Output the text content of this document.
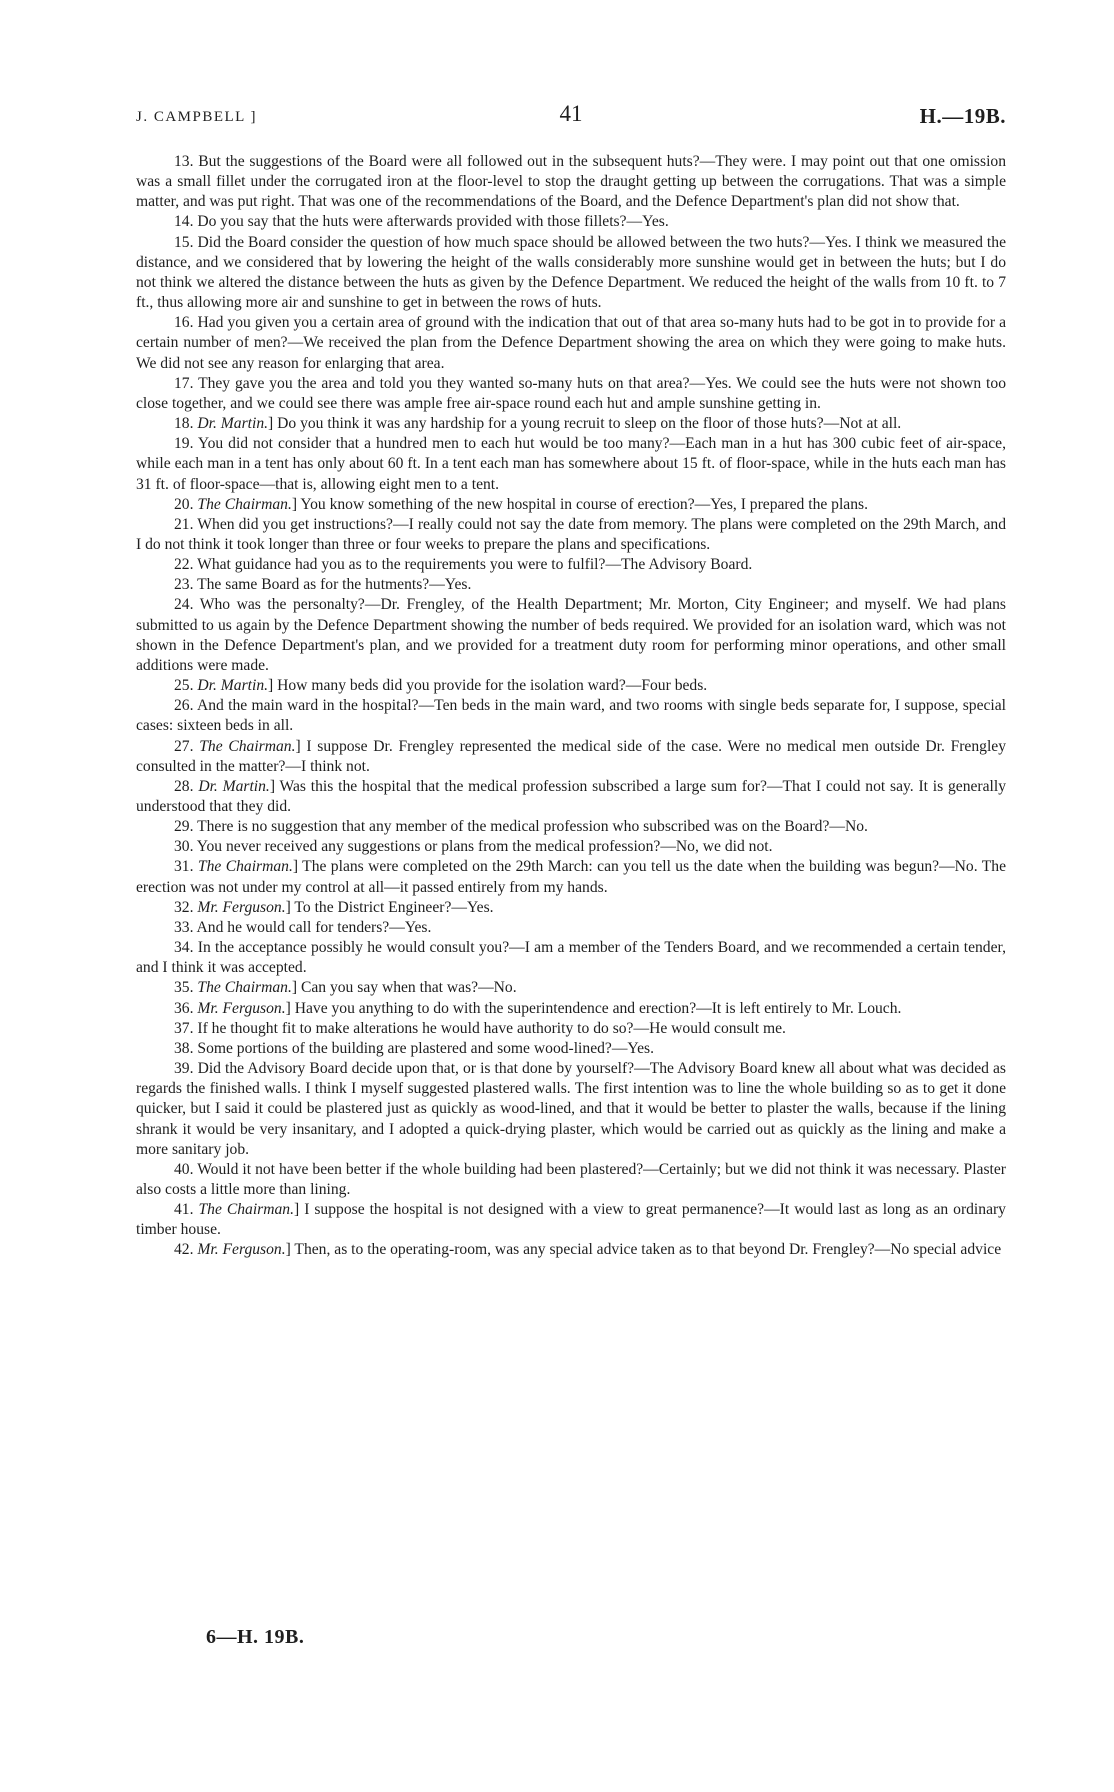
J. CAMPBELL ]	41	H.—19B.

13. But the suggestions of the Board were all followed out in the subsequent huts?—They were. I may point out that one omission was a small fillet under the corrugated iron at the floor-level to stop the draught getting up between the corrugations. That was a simple matter, and was put right. That was one of the recommendations of the Board, and the Defence Department's plan did not show that.

14. Do you say that the huts were afterwards provided with those fillets?—Yes.

15. Did the Board consider the question of how much space should be allowed between the two huts?—Yes. I think we measured the distance, and we considered that by lowering the height of the walls considerably more sunshine would get in between the huts; but I do not think we altered the distance between the huts as given by the Defence Department. We reduced the height of the walls from 10 ft. to 7 ft., thus allowing more air and sunshine to get in between the rows of huts.

16. Had you given you a certain area of ground with the indication that out of that area so-many huts had to be got in to provide for a certain number of men?—We received the plan from the Defence Department showing the area on which they were going to make huts. We did not see any reason for enlarging that area.

17. They gave you the area and told you they wanted so-many huts on that area?—Yes. We could see the huts were not shown too close together, and we could see there was ample free air-space round each hut and ample sunshine getting in.

18. Dr. Martin.] Do you think it was any hardship for a young recruit to sleep on the floor of those huts?—Not at all.

19. You did not consider that a hundred men to each hut would be too many?—Each man in a hut has 300 cubic feet of air-space, while each man in a tent has only about 60 ft. In a tent each man has somewhere about 15 ft. of floor-space, while in the huts each man has 31 ft. of floor-space—that is, allowing eight men to a tent.

20. The Chairman.] You know something of the new hospital in course of erection?—Yes, I prepared the plans.

21. When did you get instructions?—I really could not say the date from memory. The plans were completed on the 29th March, and I do not think it took longer than three or four weeks to prepare the plans and specifications.

22. What guidance had you as to the requirements you were to fulfil?—The Advisory Board.

23. The same Board as for the hutments?—Yes.

24. Who was the personalty?—Dr. Frengley, of the Health Department; Mr. Morton, City Engineer; and myself. We had plans submitted to us again by the Defence Department showing the number of beds required. We provided for an isolation ward, which was not shown in the Defence Department's plan, and we provided for a treatment duty room for performing minor operations, and other small additions were made.

25. Dr. Martin.] How many beds did you provide for the isolation ward?—Four beds.

26. And the main ward in the hospital?—Ten beds in the main ward, and two rooms with single beds separate for, I suppose, special cases: sixteen beds in all.

27. The Chairman.] I suppose Dr. Frengley represented the medical side of the case. Were no medical men outside Dr. Frengley consulted in the matter?—I think not.

28. Dr. Martin.] Was this the hospital that the medical profession subscribed a large sum for?—That I could not say. It is generally understood that they did.

29. There is no suggestion that any member of the medical profession who subscribed was on the Board?—No.

30. You never received any suggestions or plans from the medical profession?—No, we did not.

31. The Chairman.] The plans were completed on the 29th March: can you tell us the date when the building was begun?—No. The erection was not under my control at all—it passed entirely from my hands.

32. Mr. Ferguson.] To the District Engineer?—Yes.

33. And he would call for tenders?—Yes.

34. In the acceptance possibly he would consult you?—I am a member of the Tenders Board, and we recommended a certain tender, and I think it was accepted.

35. The Chairman.] Can you say when that was?—No.

36. Mr. Ferguson.] Have you anything to do with the superintendence and erection?—It is left entirely to Mr. Louch.

37. If he thought fit to make alterations he would have authority to do so?—He would consult me.

38. Some portions of the building are plastered and some wood-lined?—Yes.

39. Did the Advisory Board decide upon that, or is that done by yourself?—The Advisory Board knew all about what was decided as regards the finished walls. I think I myself suggested plastered walls. The first intention was to line the whole building so as to get it done quicker, but I said it could be plastered just as quickly as wood-lined, and that it would be better to plaster the walls, because if the lining shrank it would be very insanitary, and I adopted a quick-drying plaster, which would be carried out as quickly as the lining and make a more sanitary job.

40. Would it not have been better if the whole building had been plastered?—Certainly; but we did not think it was necessary. Plaster also costs a little more than lining.

41. The Chairman.] I suppose the hospital is not designed with a view to great permanence?—It would last as long as an ordinary timber house.

42. Mr. Ferguson.] Then, as to the operating-room, was any special advice taken as to that beyond Dr. Frengley?—No special advice

6—H. 19B.
